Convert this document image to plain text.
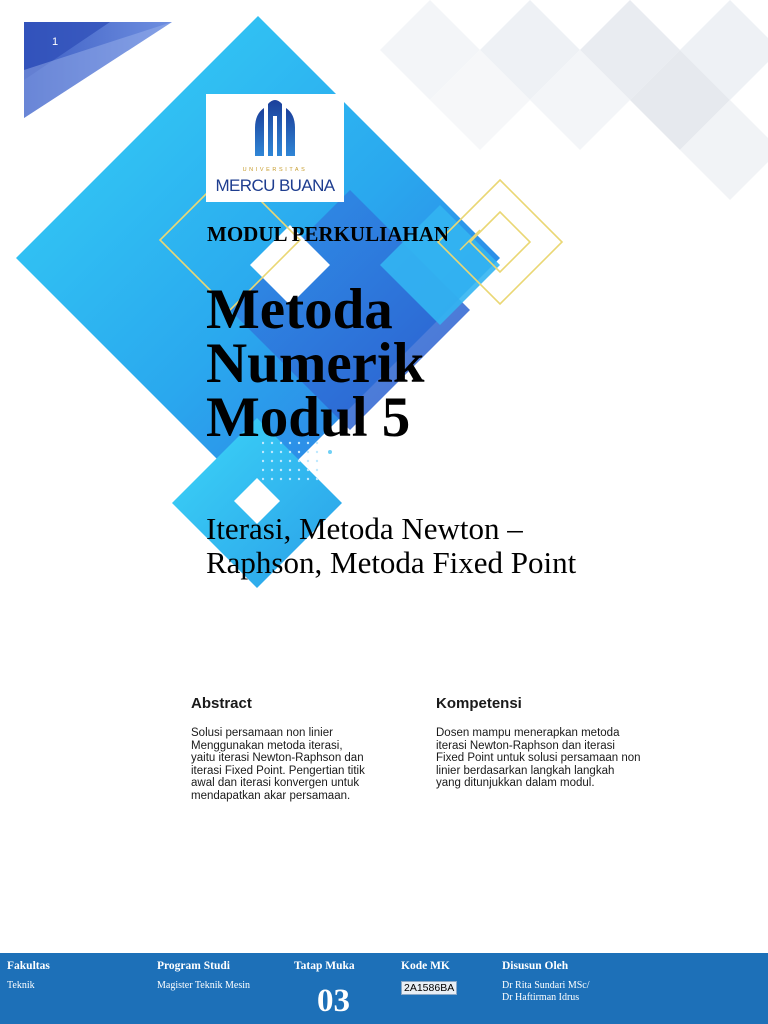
1
UNIVERSITAS
MERCU BUANA
MODUL PERKULIAHAN
Metoda
Numerik
Modul 5
Iterasi, Metoda Newton –
Raphson, Metoda Fixed Point
Abstract
Solusi persamaan non linier
Menggunakan metoda iterasi,
yaitu iterasi Newton-Raphson dan
iterasi Fixed Point. Pengertian titik
awal dan iterasi konvergen untuk
mendapatkan akar persamaan.
Kompetensi
Dosen mampu menerapkan metoda
iterasi Newton-Raphson dan iterasi
Fixed Point untuk solusi persamaan non
linier berdasarkan langkah langkah
yang ditunjukkan dalam modul.
Fakultas
Teknik
Program Studi
Magister Teknik Mesin
Tatap Muka
03
Kode MK
2A1586BA
Disusun Oleh
Dr Rita Sundari MSc/
Dr Haftirman Idrus
